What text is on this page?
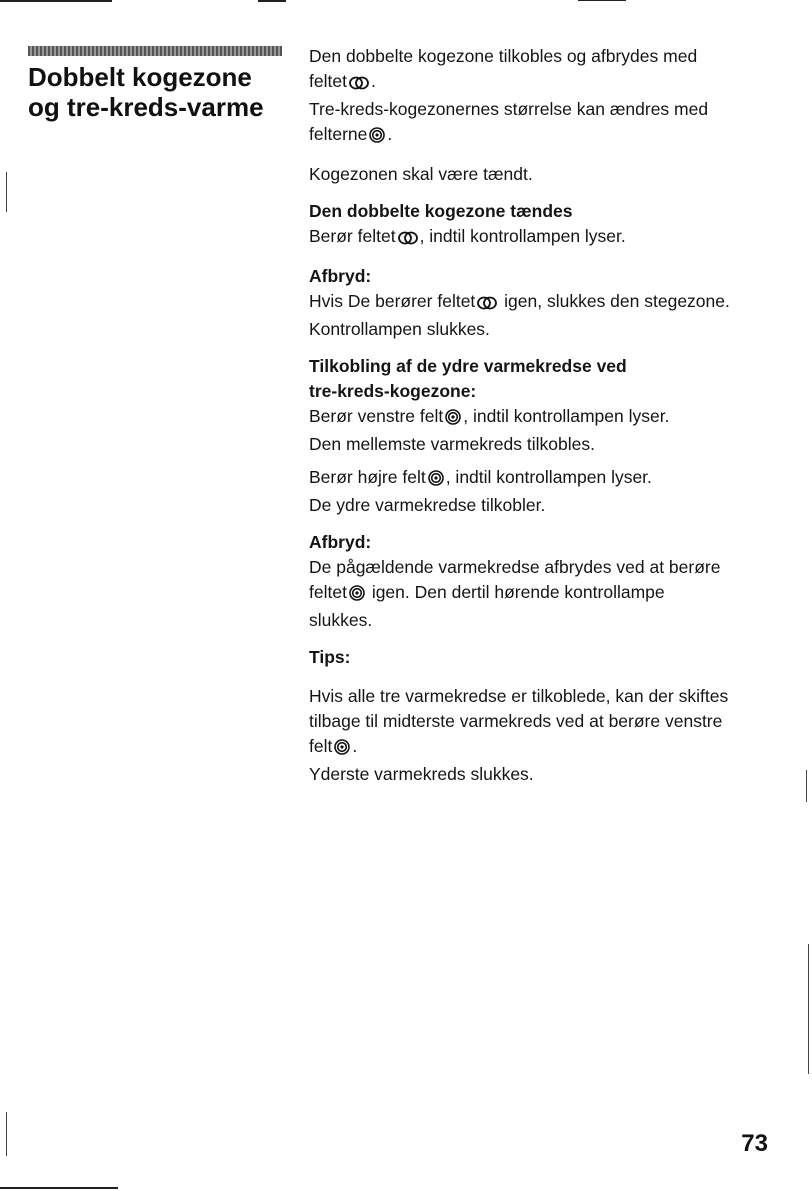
Dobbelt kogezone
og tre-kreds-varme

Den dobbelte kogezone tilkobles og afbrydes med
feltet .
Tre-kreds-kogezonernes størrelse kan ændres med
felterne .

Kogezonen skal være tændt.

Den dobbelte kogezone tændes
Berør feltet , indtil kontrollampen lyser.

Afbryd:
Hvis De berører feltet igen, slukkes den stegezone.
Kontrollampen slukkes.

Tilkobling af de ydre varmekredse ved
tre-kreds-kogezone:
Berør venstre felt , indtil kontrollampen lyser.
Den mellemste varmekreds tilkobles.

Berør højre felt , indtil kontrollampen lyser.
De ydre varmekredse tilkobler.

Afbryd:
De pågældende varmekredse afbrydes ved at berøre
feltet igen. Den dertil hørende kontrollampe
slukkes.

Tips:

Hvis alle tre varmekredse er tilkoblede, kan der skiftes
tilbage til midterste varmekreds ved at berøre venstre
felt .
Yderste varmekreds slukkes.

73
